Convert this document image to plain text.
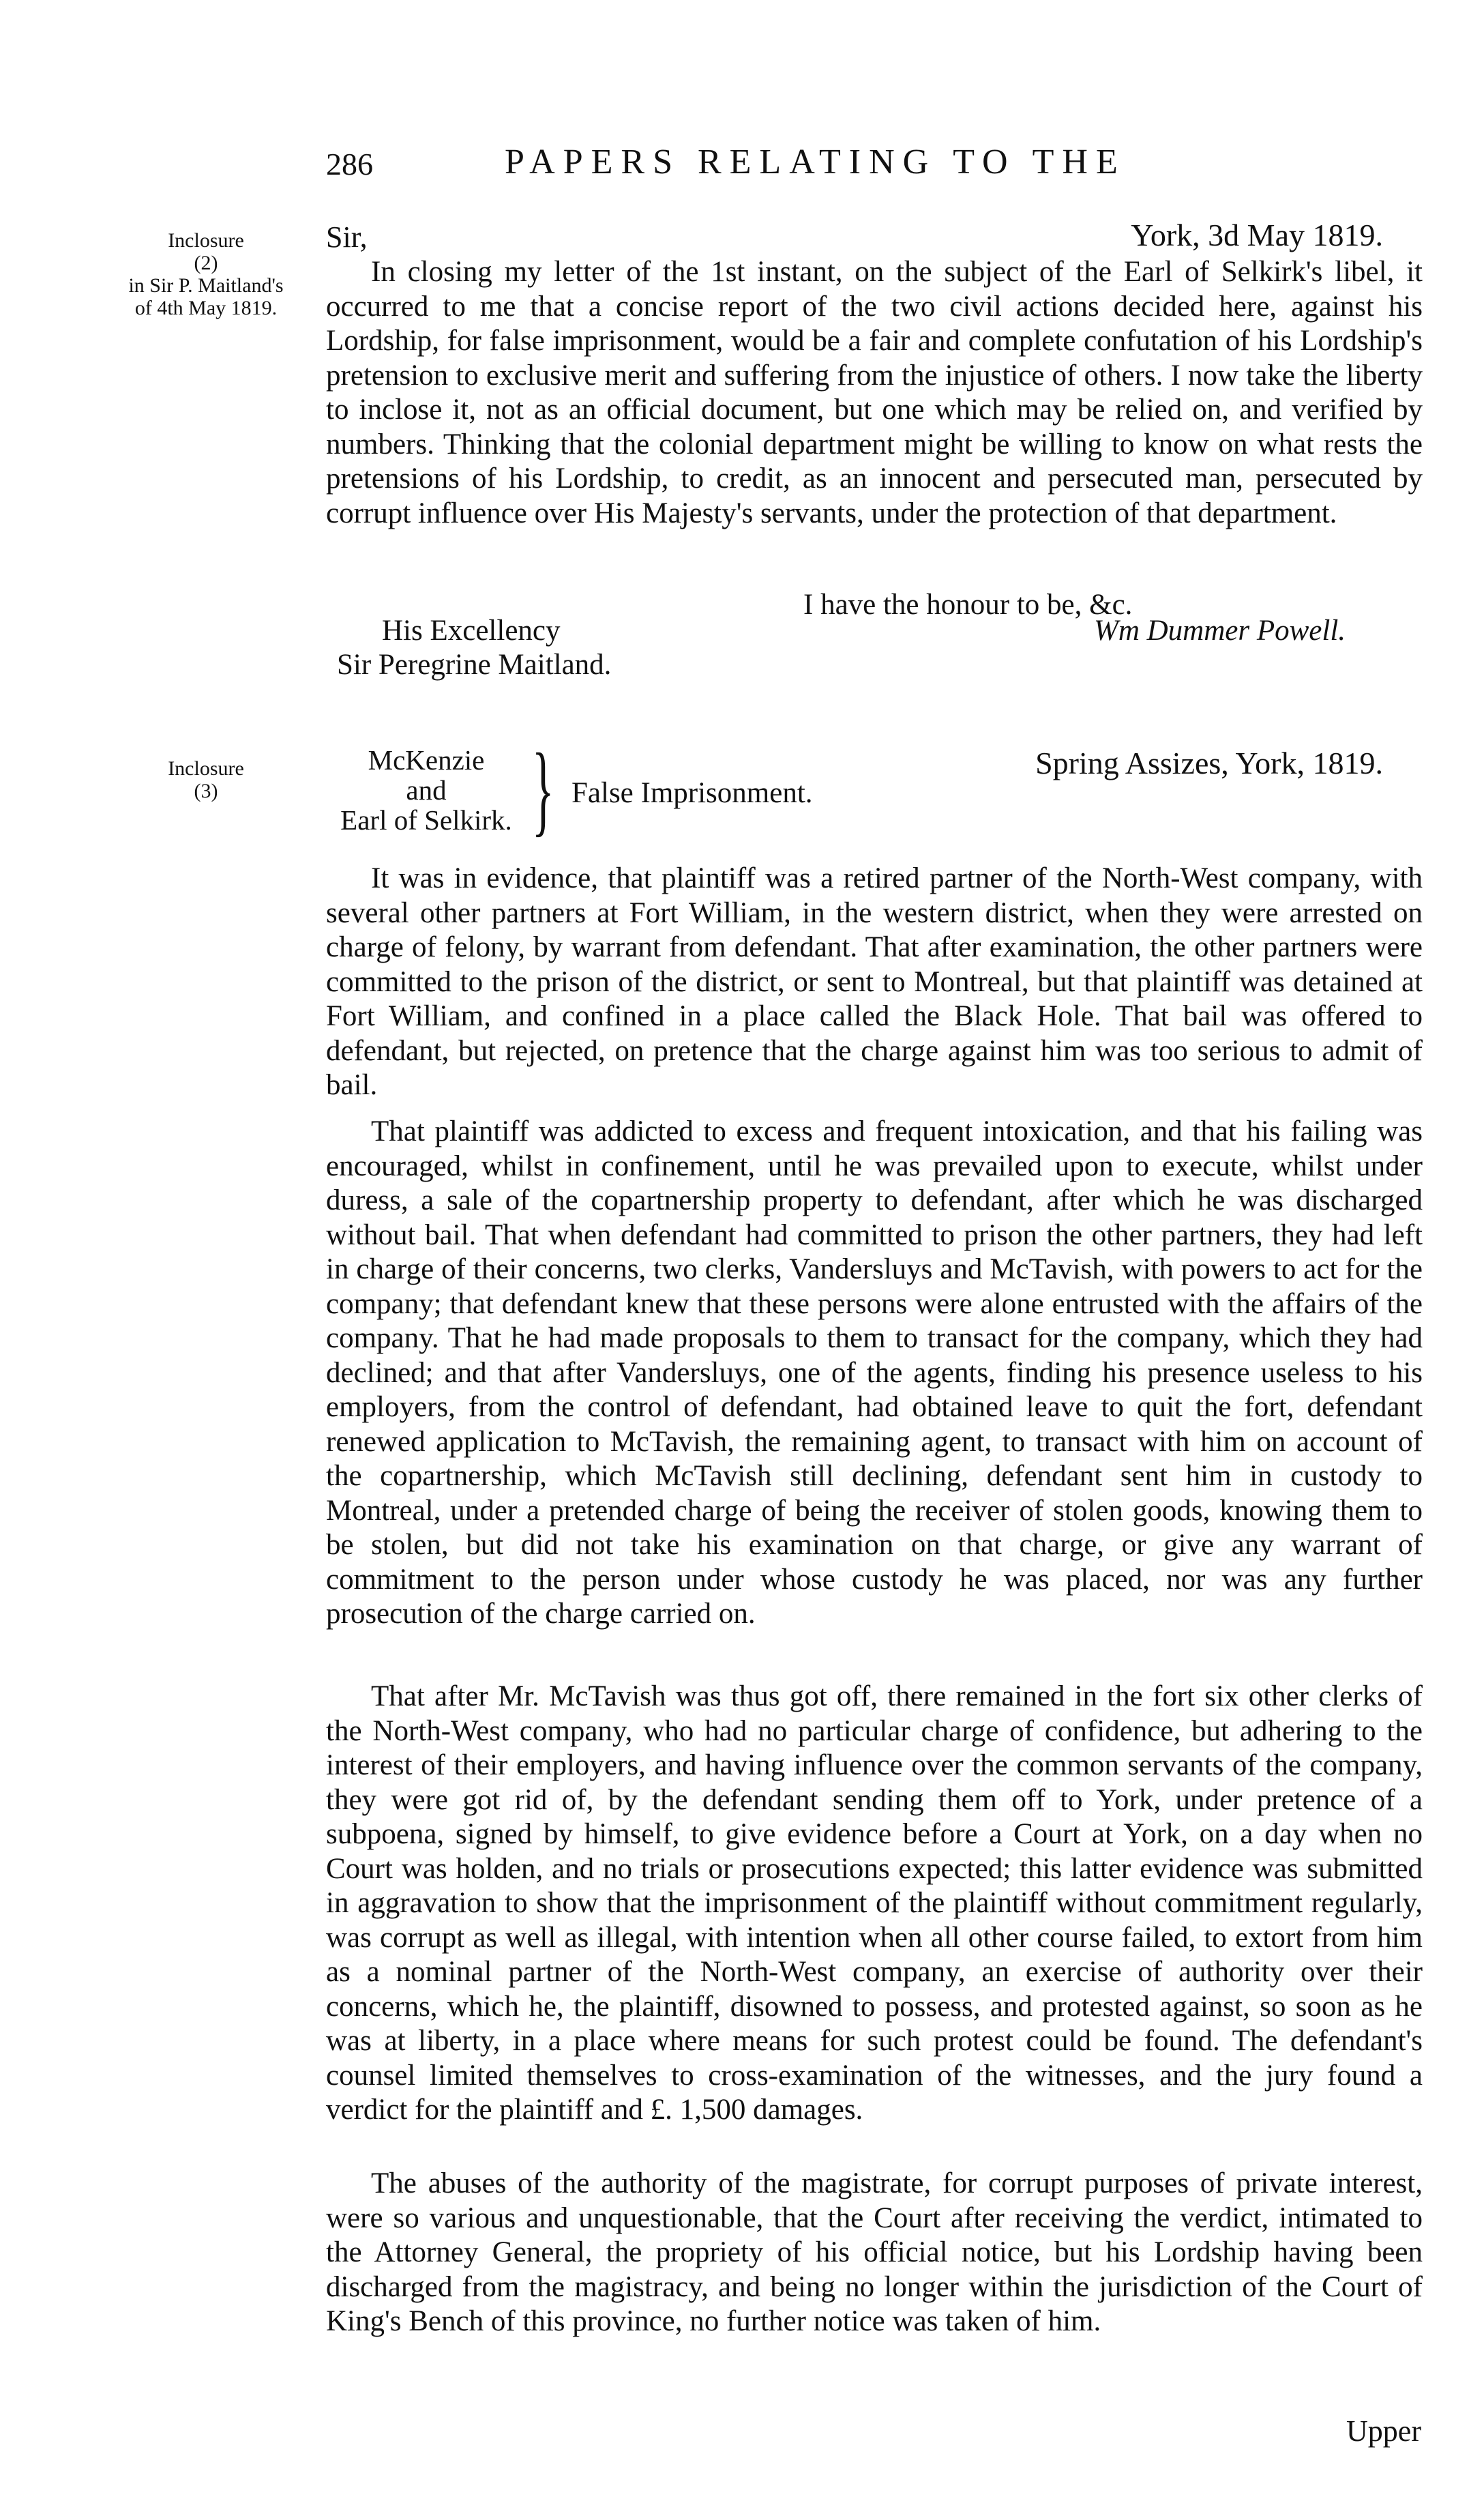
286	PAPERS RELATING TO THE
Inclosure
(2)
in Sir P. Maitland's
of 4th May 1819.
Sir,	York, 3d May 1819.

In closing my letter of the 1st instant, on the subject of the Earl of Selkirk's libel, it occurred to me that a concise report of the two civil actions decided here, against his Lordship, for false imprisonment, would be a fair and complete confutation of his Lordship's pretension to exclusive merit and suffering from the injustice of others. I now take the liberty to inclose it, not as an official document, but one which may be relied on, and verified by numbers. Thinking that the colonial department might be willing to know on what rests the pretensions of his Lordship, to credit, as an innocent and persecuted man, persecuted by corrupt influence over His Majesty's servants, under the protection of that department.

I have the honour to be, &c.
His Excellency
Sir Peregrine Maitland.
Wm Dummer Powell.
Inclosure
(3)
McKenzie
and
Earl of Selkirk. } False Imprisonment.
Spring Assizes, York, 1819.

It was in evidence, that plaintiff was a retired partner of the North-West company, with several other partners at Fort William, in the western district, when they were arrested on charge of felony, by warrant from defendant. That after examination, the other partners were committed to the prison of the district, or sent to Montreal, but that plaintiff was detained at Fort William, and confined in a place called the Black Hole. That bail was offered to defendant, but rejected, on pretence that the charge against him was too serious to admit of bail.

That plaintiff was addicted to excess and frequent intoxication, and that his failing was encouraged, whilst in confinement, until he was prevailed upon to execute, whilst under duress, a sale of the copartnership property to defendant, after which he was discharged without bail. That when defendant had committed to prison the other partners, they had left in charge of their concerns, two clerks, Vandersluys and McTavish, with powers to act for the company; that defendant knew that these persons were alone entrusted with the affairs of the company. That he had made proposals to them to transact for the company, which they had declined; and that after Vandersluys, one of the agents, finding his presence useless to his employers, from the control of defendant, had obtained leave to quit the fort, defendant renewed application to McTavish, the remaining agent, to transact with him on account of the copartnership, which McTavish still declining, defendant sent him in custody to Montreal, under a pretended charge of being the receiver of stolen goods, knowing them to be stolen, but did not take his examination on that charge, or give any warrant of commitment to the person under whose custody he was placed, nor was any further prosecution of the charge carried on.

That after Mr. McTavish was thus got off, there remained in the fort six other clerks of the North-West company, who had no particular charge of confidence, but adhering to the interest of their employers, and having influence over the common servants of the company, they were got rid of, by the defendant sending them off to York, under pretence of a subpoena, signed by himself, to give evidence before a Court at York, on a day when no Court was holden, and no trials or prosecutions expected; this latter evidence was submitted in aggravation to show that the imprisonment of the plaintiff without commitment regularly, was corrupt as well as illegal, with intention when all other course failed, to extort from him as a nominal partner of the North-West company, an exercise of authority over their concerns, which he, the plaintiff, disowned to possess, and protested against, so soon as he was at liberty, in a place where means for such protest could be found. The defendant's counsel limited themselves to cross-examination of the witnesses, and the jury found a verdict for the plaintiff and £. 1,500 damages.

The abuses of the authority of the magistrate, for corrupt purposes of private interest, were so various and unquestionable, that the Court after receiving the verdict, intimated to the Attorney General, the propriety of his official notice, but his Lordship having been discharged from the magistracy, and being no longer within the jurisdiction of the Court of King's Bench of this province, no further notice was taken of him.

Upper
